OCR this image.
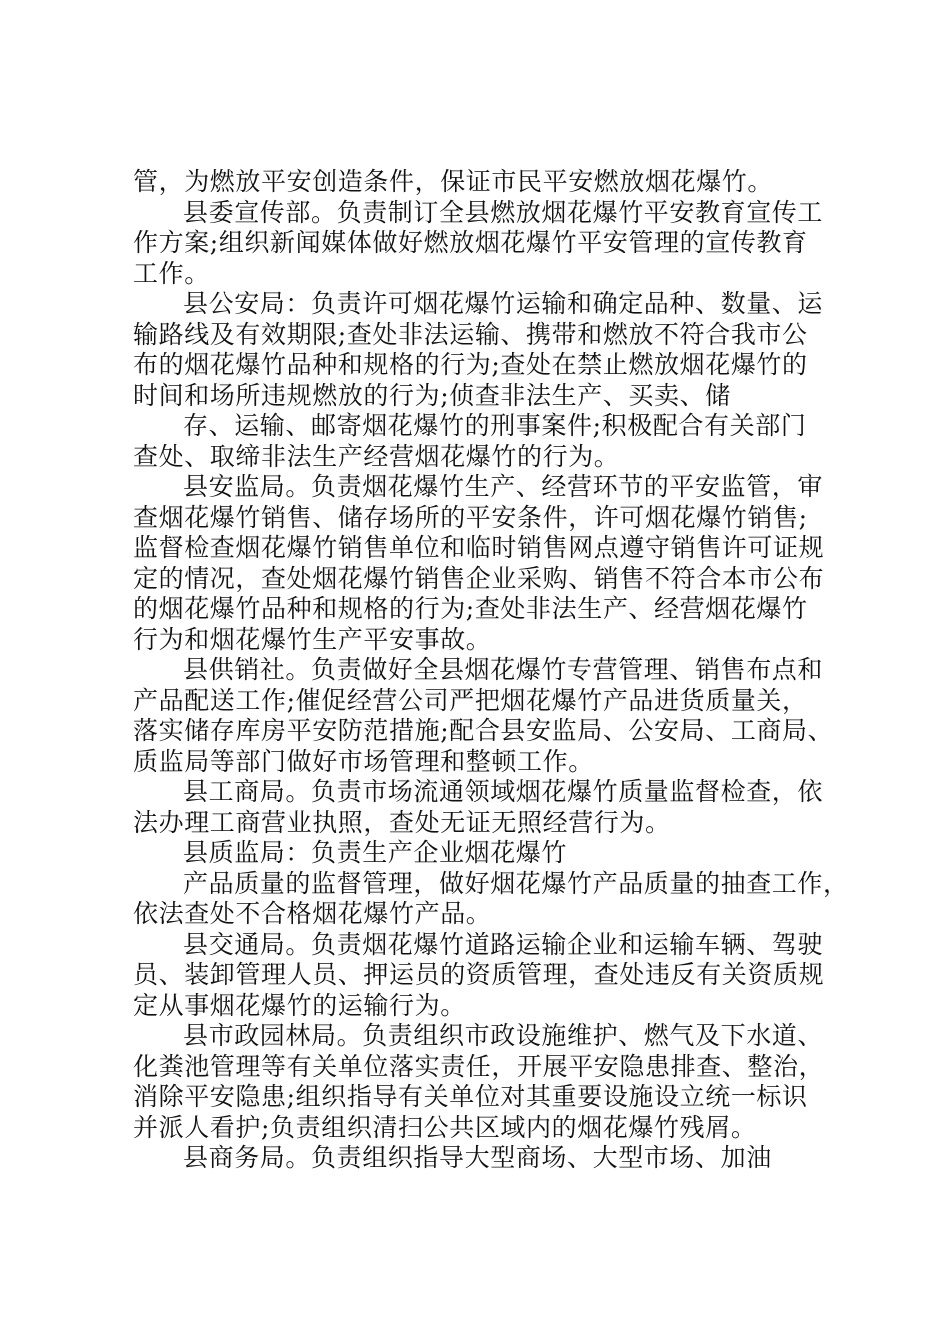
管，为燃放平安创造条件，保证市民平安燃放烟花爆竹。
县委宣传部。负责制订全县燃放烟花爆竹平安教育宣传工
作方案;组织新闻媒体做好燃放烟花爆竹平安管理的宣传教育
工作。
县公安局：负责许可烟花爆竹运输和确定品种、数量、运
输路线及有效期限;查处非法运输、携带和燃放不符合我市公
布的烟花爆竹品种和规格的行为;查处在禁止燃放烟花爆竹的
时间和场所违规燃放的行为;侦查非法生产、买卖、储
存、运输、邮寄烟花爆竹的刑事案件;积极配合有关部门
查处、取缔非法生产经营烟花爆竹的行为。
县安监局。负责烟花爆竹生产、经营环节的平安监管，审
查烟花爆竹销售、储存场所的平安条件，许可烟花爆竹销售;
监督检查烟花爆竹销售单位和临时销售网点遵守销售许可证规
定的情况，查处烟花爆竹销售企业采购、销售不符合本市公布
的烟花爆竹品种和规格的行为;查处非法生产、经营烟花爆竹
行为和烟花爆竹生产平安事故。
县供销社。负责做好全县烟花爆竹专营管理、销售布点和
产品配送工作;催促经营公司严把烟花爆竹产品进货质量关，
落实储存库房平安防范措施;配合县安监局、公安局、工商局、
质监局等部门做好市场管理和整顿工作。
县工商局。负责市场流通领域烟花爆竹质量监督检查，依
法办理工商营业执照，查处无证无照经营行为。
县质监局：负责生产企业烟花爆竹
产品质量的监督管理，做好烟花爆竹产品质量的抽查工作，
依法查处不合格烟花爆竹产品。
县交通局。负责烟花爆竹道路运输企业和运输车辆、驾驶
员、装卸管理人员、押运员的资质管理，查处违反有关资质规
定从事烟花爆竹的运输行为。
县市政园林局。负责组织市政设施维护、燃气及下水道、
化粪池管理等有关单位落实责任，开展平安隐患排查、整治，
消除平安隐患;组织指导有关单位对其重要设施设立统一标识
并派人看护;负责组织清扫公共区域内的烟花爆竹残屑。
县商务局。负责组织指导大型商场、大型市场、加油
